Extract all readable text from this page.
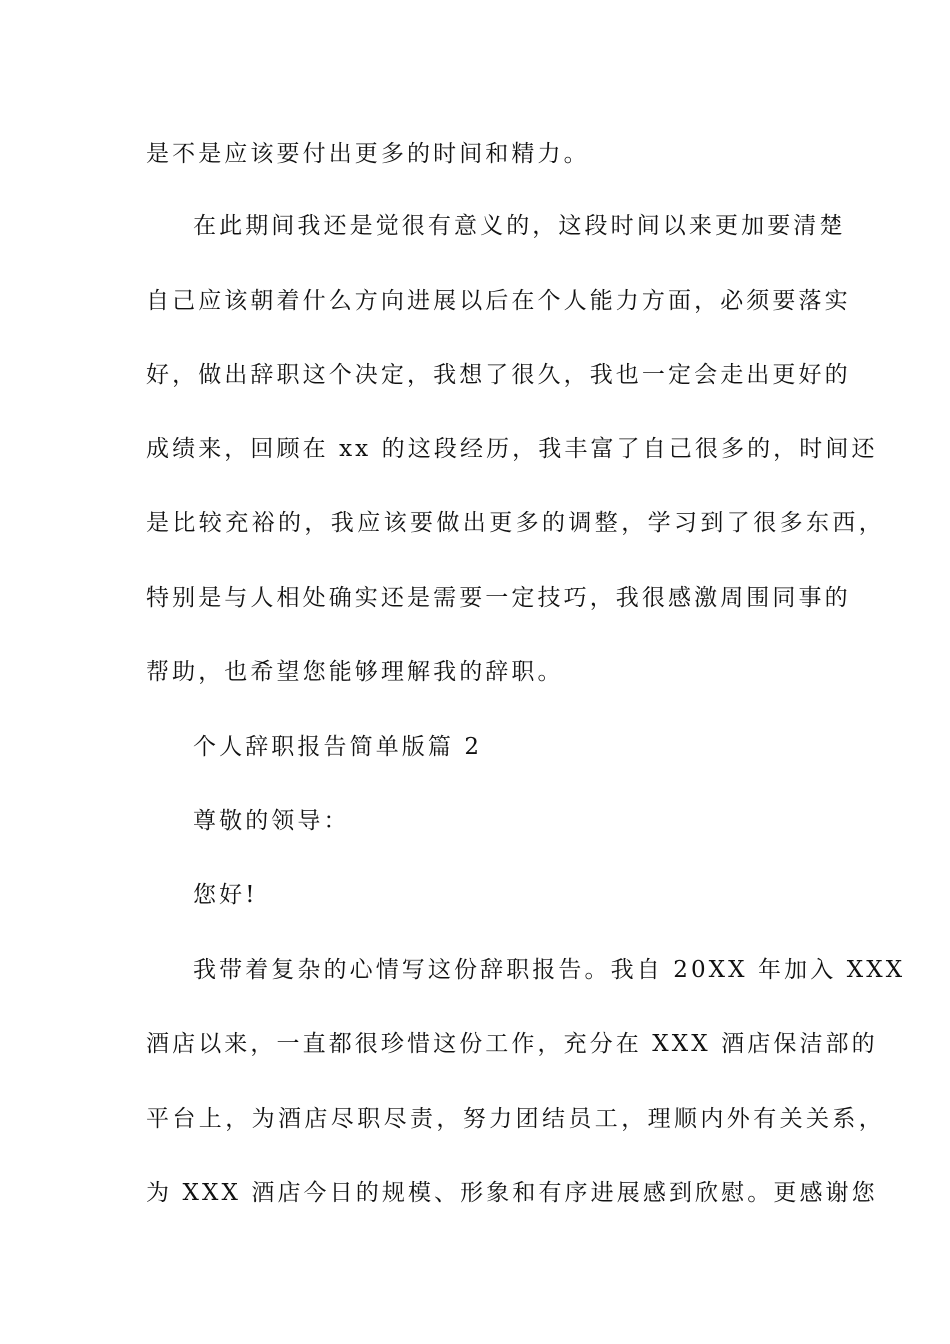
是不是应该要付出更多的时间和精力。
在此期间我还是觉很有意义的，这段时间以来更加要清楚
自己应该朝着什么方向进展以后在个人能力方面，必须要落实
好，做出辞职这个决定，我想了很久，我也一定会走出更好的
成绩来，回顾在 xx 的这段经历，我丰富了自己很多的，时间还
是比较充裕的，我应该要做出更多的调整，学习到了很多东西，
特别是与人相处确实还是需要一定技巧，我很感激周围同事的
帮助，也希望您能够理解我的辞职。
个人辞职报告简单版篇 2
尊敬的领导：
您好!
我带着复杂的心情写这份辞职报告。我自 20XX 年加入 XXX
酒店以来，一直都很珍惜这份工作，充分在 XXX 酒店保洁部的
平台上，为酒店尽职尽责，努力团结员工，理顺内外有关关系，
为 XXX 酒店今日的规模、形象和有序进展感到欣慰。更感谢您
